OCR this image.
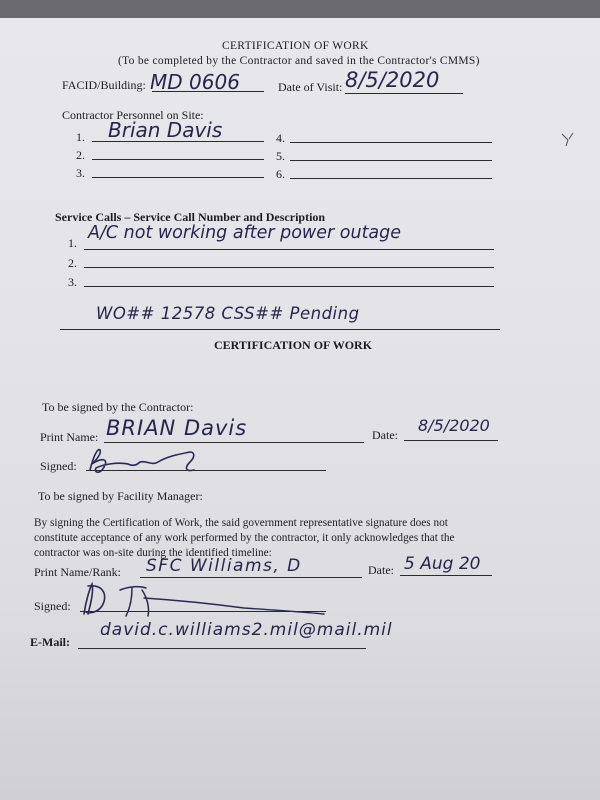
CERTIFICATION OF WORK
(To be completed by the Contractor and saved in the Contractor's CMMS)
FACID/Building: MD 0606	Date of Visit: 8/5/2020
Contractor Personnel on Site:
1. Brian Davis
2.
3.
4.
5.
6.
Service Calls – Service Call Number and Description
1. A/C not working after power outage
2.
3.
WO## 12578 CSS## Pending
CERTIFICATION OF WORK
To be signed by the Contractor:
Print Name: BRIAN Davis	Date: 8/5/2020
Signed:
To be signed by Facility Manager:
By signing the Certification of Work, the said government representative signature does not
constitute acceptance of any work performed by the contractor, it only acknowledges that the
contractor was on-site during the identified timeline:
Print Name/Rank: SFC Williams, D	Date: 5 Aug 20
Signed:
E-Mail:
david.c.williams2.mil@mail.mil
